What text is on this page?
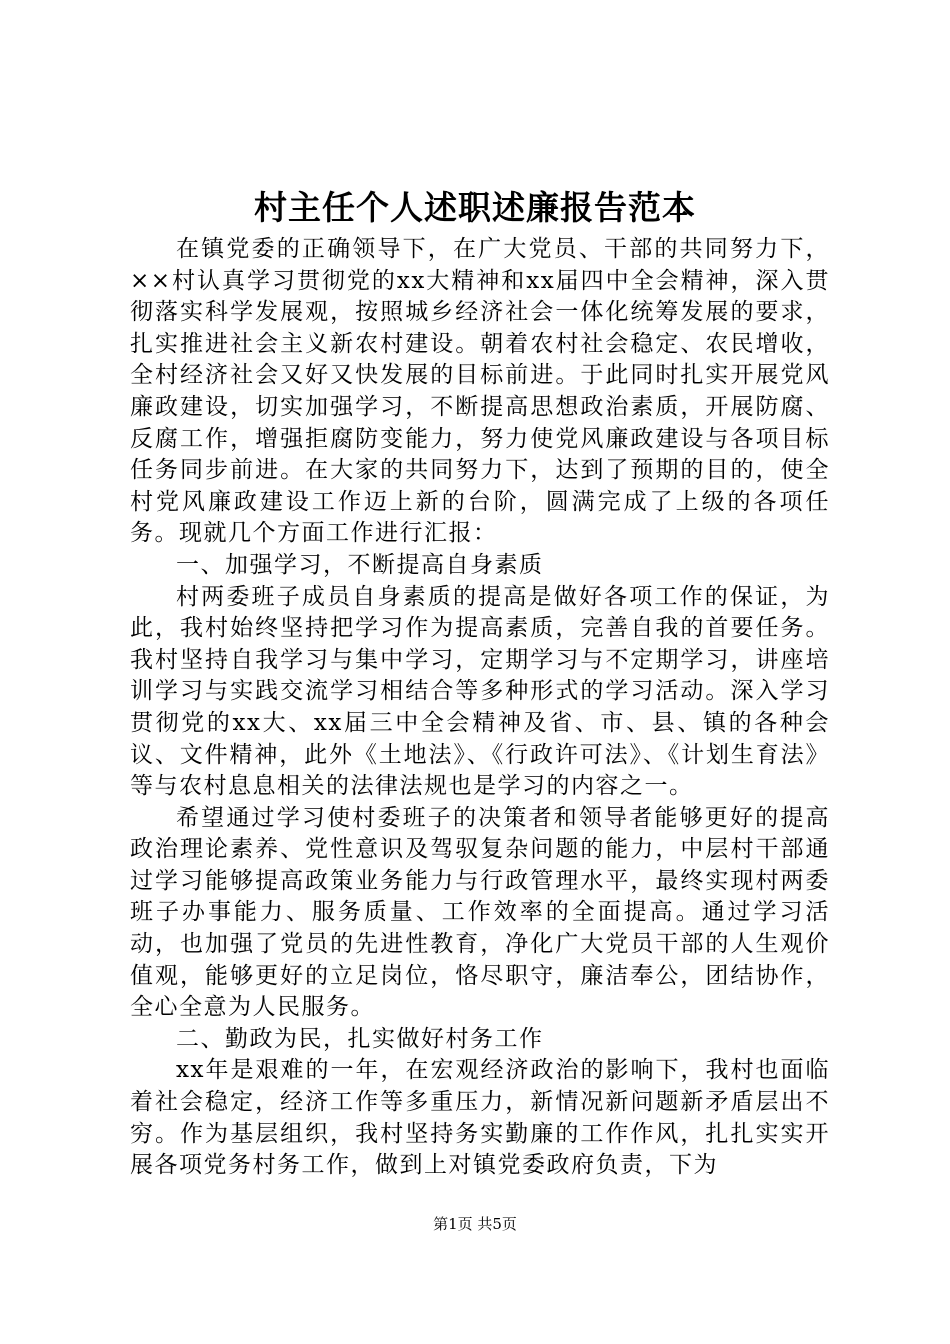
村主任个人述职述廉报告范本

在镇党委的正确领导下，在广大党员、干部的共同努力下，××村认真学习贯彻党的xx大精神和xx届四中全会精神，深入贯彻落实科学发展观，按照城乡经济社会一体化统筹发展的要求，扎实推进社会主义新农村建设。朝着农村社会稳定、农民增收，全村经济社会又好又快发展的目标前进。于此同时扎实开展党风廉政建设，切实加强学习，不断提高思想政治素质，开展防腐、反腐工作，增强拒腐防变能力，努力使党风廉政建设与各项目标任务同步前进。在大家的共同努力下，达到了预期的目的，使全村党风廉政建设工作迈上新的台阶，圆满完成了上级的各项任务。现就几个方面工作进行汇报：

一、加强学习，不断提高自身素质

村两委班子成员自身素质的提高是做好各项工作的保证，为此，我村始终坚持把学习作为提高素质，完善自我的首要任务。我村坚持自我学习与集中学习，定期学习与不定期学习，讲座培训学习与实践交流学习相结合等多种形式的学习活动。深入学习贯彻党的xx大、xx届三中全会精神及省、市、县、镇的各种会议、文件精神，此外《土地法》、《行政许可法》、《计划生育法》等与农村息息相关的法律法规也是学习的内容之一。

希望通过学习使村委班子的决策者和领导者能够更好的提高政治理论素养、党性意识及驾驭复杂问题的能力，中层村干部通过学习能够提高政策业务能力与行政管理水平，最终实现村两委班子办事能力、服务质量、工作效率的全面提高。通过学习活动，也加强了党员的先进性教育，净化广大党员干部的人生观价值观，能够更好的立足岗位，恪尽职守，廉洁奉公，团结协作，全心全意为人民服务。

二、勤政为民，扎实做好村务工作

xx年是艰难的一年，在宏观经济政治的影响下，我村也面临着社会稳定，经济工作等多重压力，新情况新问题新矛盾层出不穷。作为基层组织，我村坚持务实勤廉的工作作风，扎扎实实开展各项党务村务工作，做到上对镇党委政府负责，下为

第1页 共5页
